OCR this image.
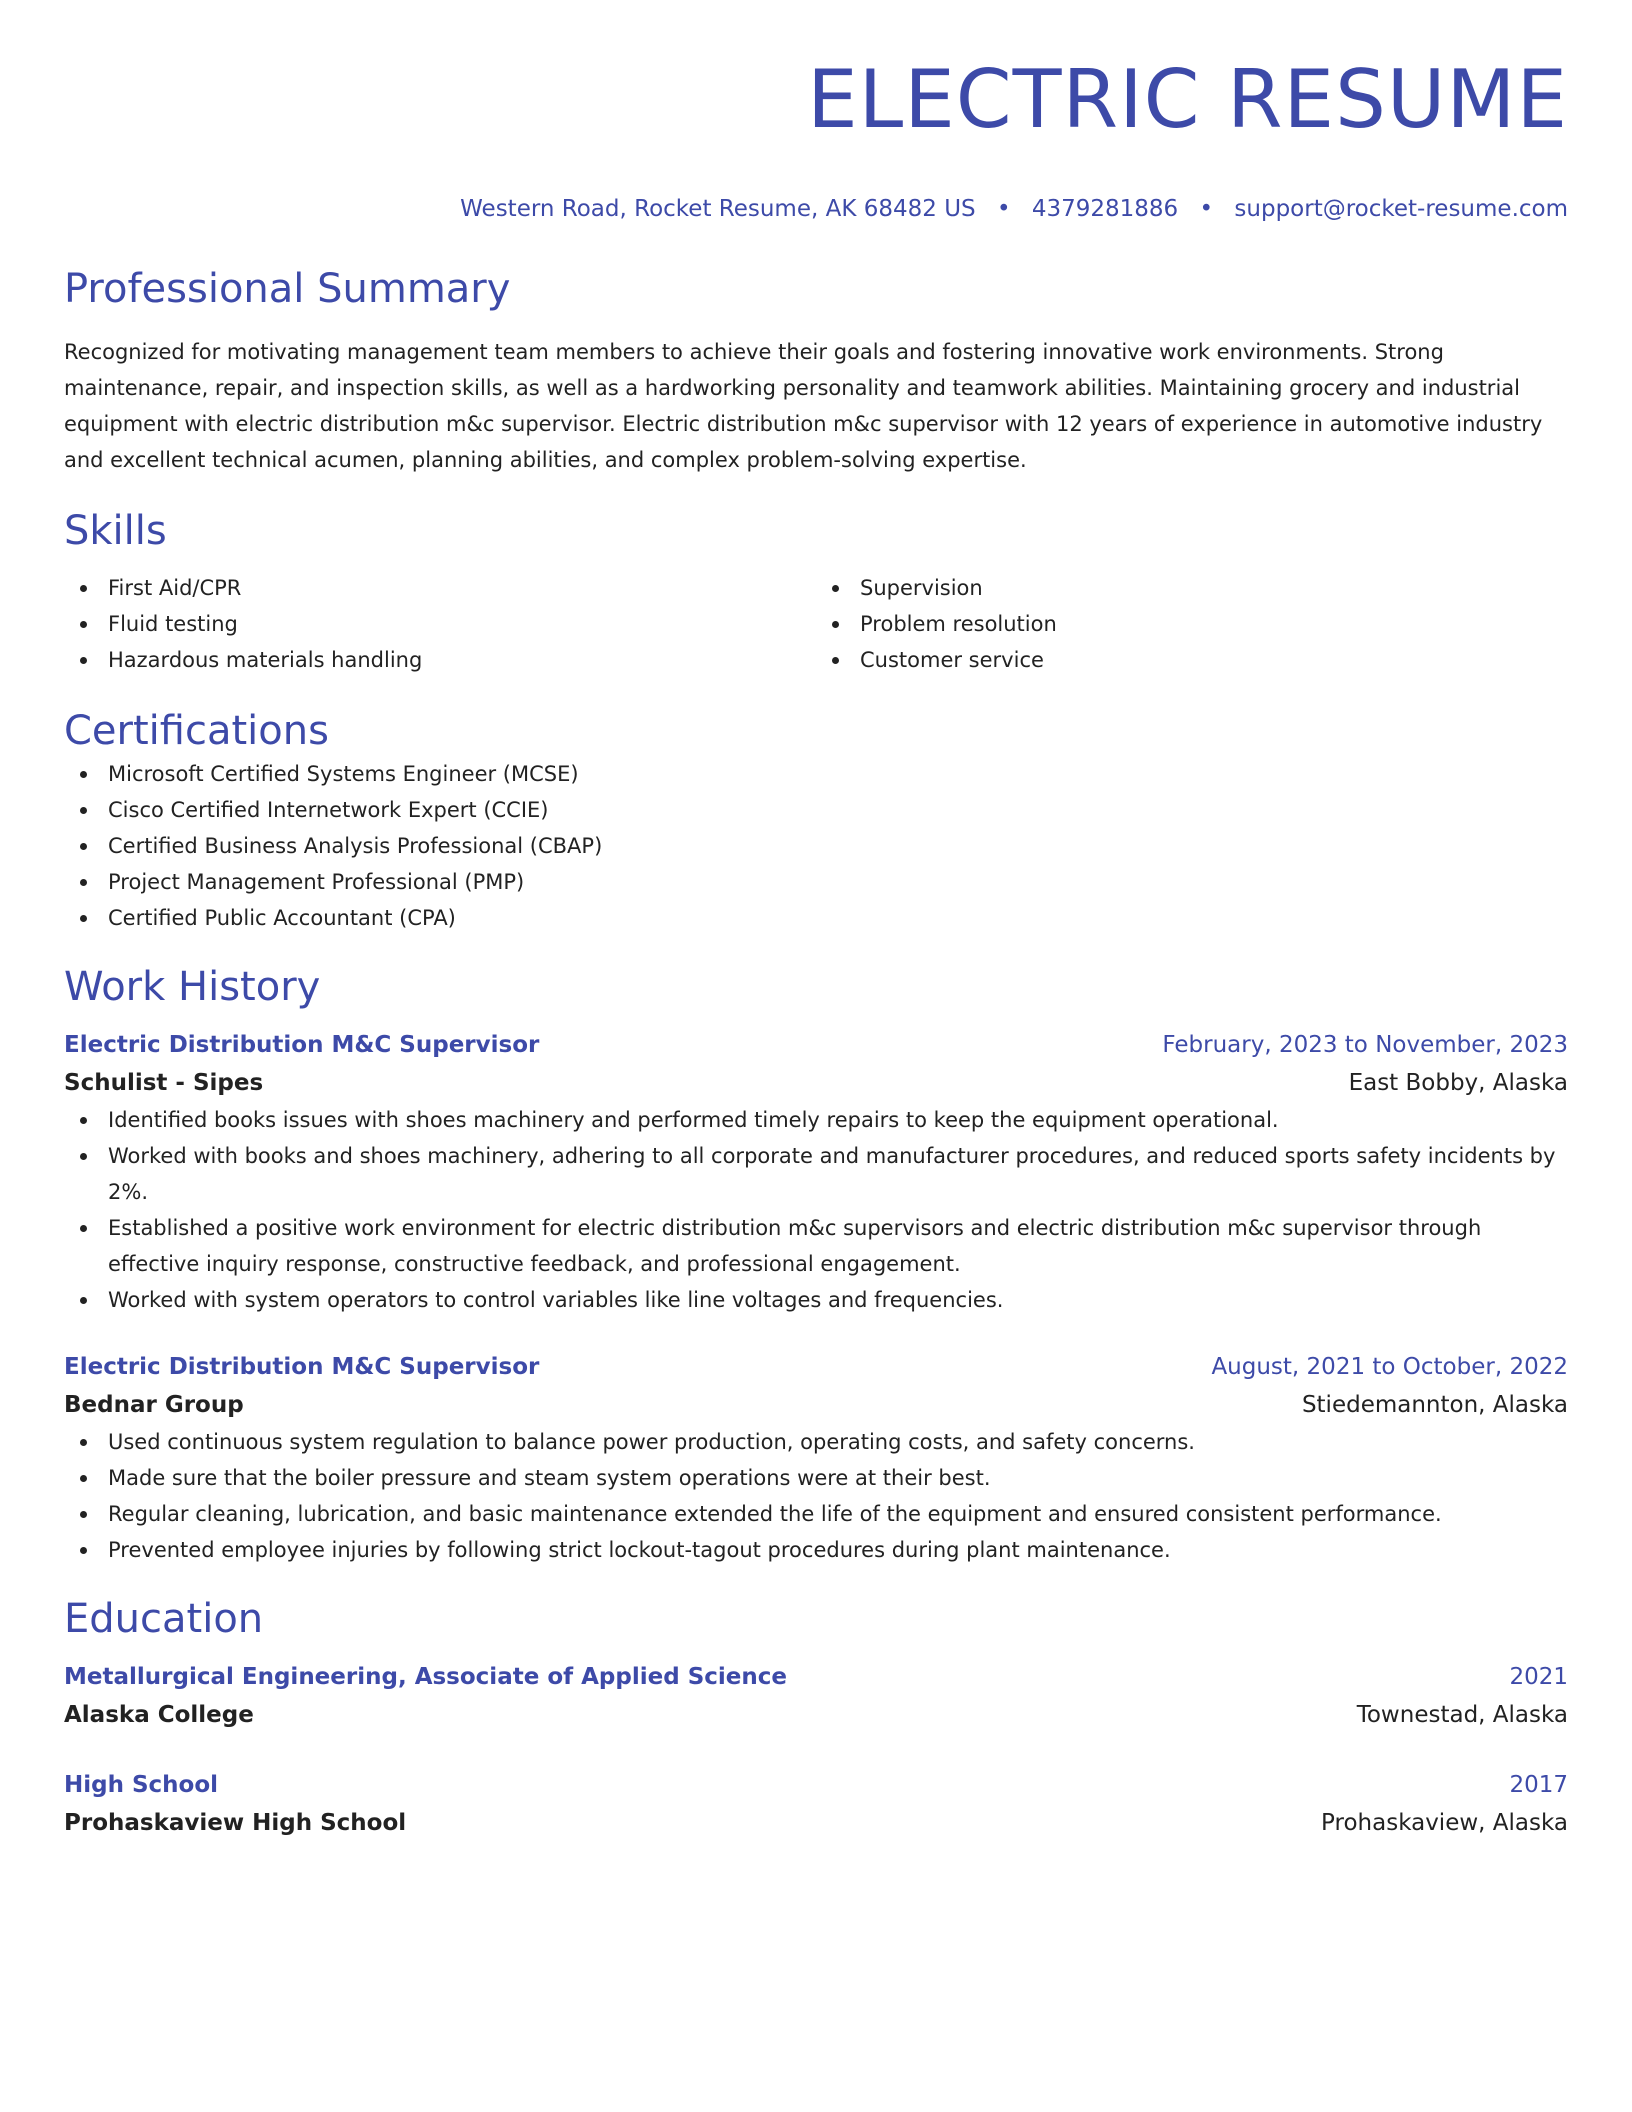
ELECTRIC RESUME
Western Road, Rocket Resume, AK 68482 US • 4379281886 • support@rocket-resume.com
Professional Summary

Recognized for motivating management team members to achieve their goals and fostering innovative work environments. Strong maintenance, repair, and inspection skills, as well as a hardworking personality and teamwork abilities. Maintaining grocery and industrial equipment with electric distribution m&c supervisor. Electric distribution m&c supervisor with 12 years of experience in automotive industry and excellent technical acumen, planning abilities, and complex problem-solving expertise.

Skills
First Aid/CPR
Fluid testing
Hazardous materials handling
Supervision
Problem resolution
Customer service
Certifications
Microsoft Certified Systems Engineer (MCSE)
Cisco Certified Internetwork Expert (CCIE)
Certified Business Analysis Professional (CBAP)
Project Management Professional (PMP)
Certified Public Accountant (CPA)
Work History
Electric Distribution M&C Supervisor	February, 2023 to November, 2023
Schulist - Sipes	East Bobby, Alaska
Identified books issues with shoes machinery and performed timely repairs to keep the equipment operational.
Worked with books and shoes machinery, adhering to all corporate and manufacturer procedures, and reduced sports safety incidents by 2%.
Established a positive work environment for electric distribution m&c supervisors and electric distribution m&c supervisor through effective inquiry response, constructive feedback, and professional engagement.
Worked with system operators to control variables like line voltages and frequencies.
Electric Distribution M&C Supervisor	August, 2021 to October, 2022
Bednar Group	Stiedemannton, Alaska
Used continuous system regulation to balance power production, operating costs, and safety concerns.
Made sure that the boiler pressure and steam system operations were at their best.
Regular cleaning, lubrication, and basic maintenance extended the life of the equipment and ensured consistent performance.
Prevented employee injuries by following strict lockout-tagout procedures during plant maintenance.
Education
Metallurgical Engineering, Associate of Applied Science	2021
Alaska College	Townestad, Alaska
High School	2017
Prohaskaview High School	Prohaskaview, Alaska
